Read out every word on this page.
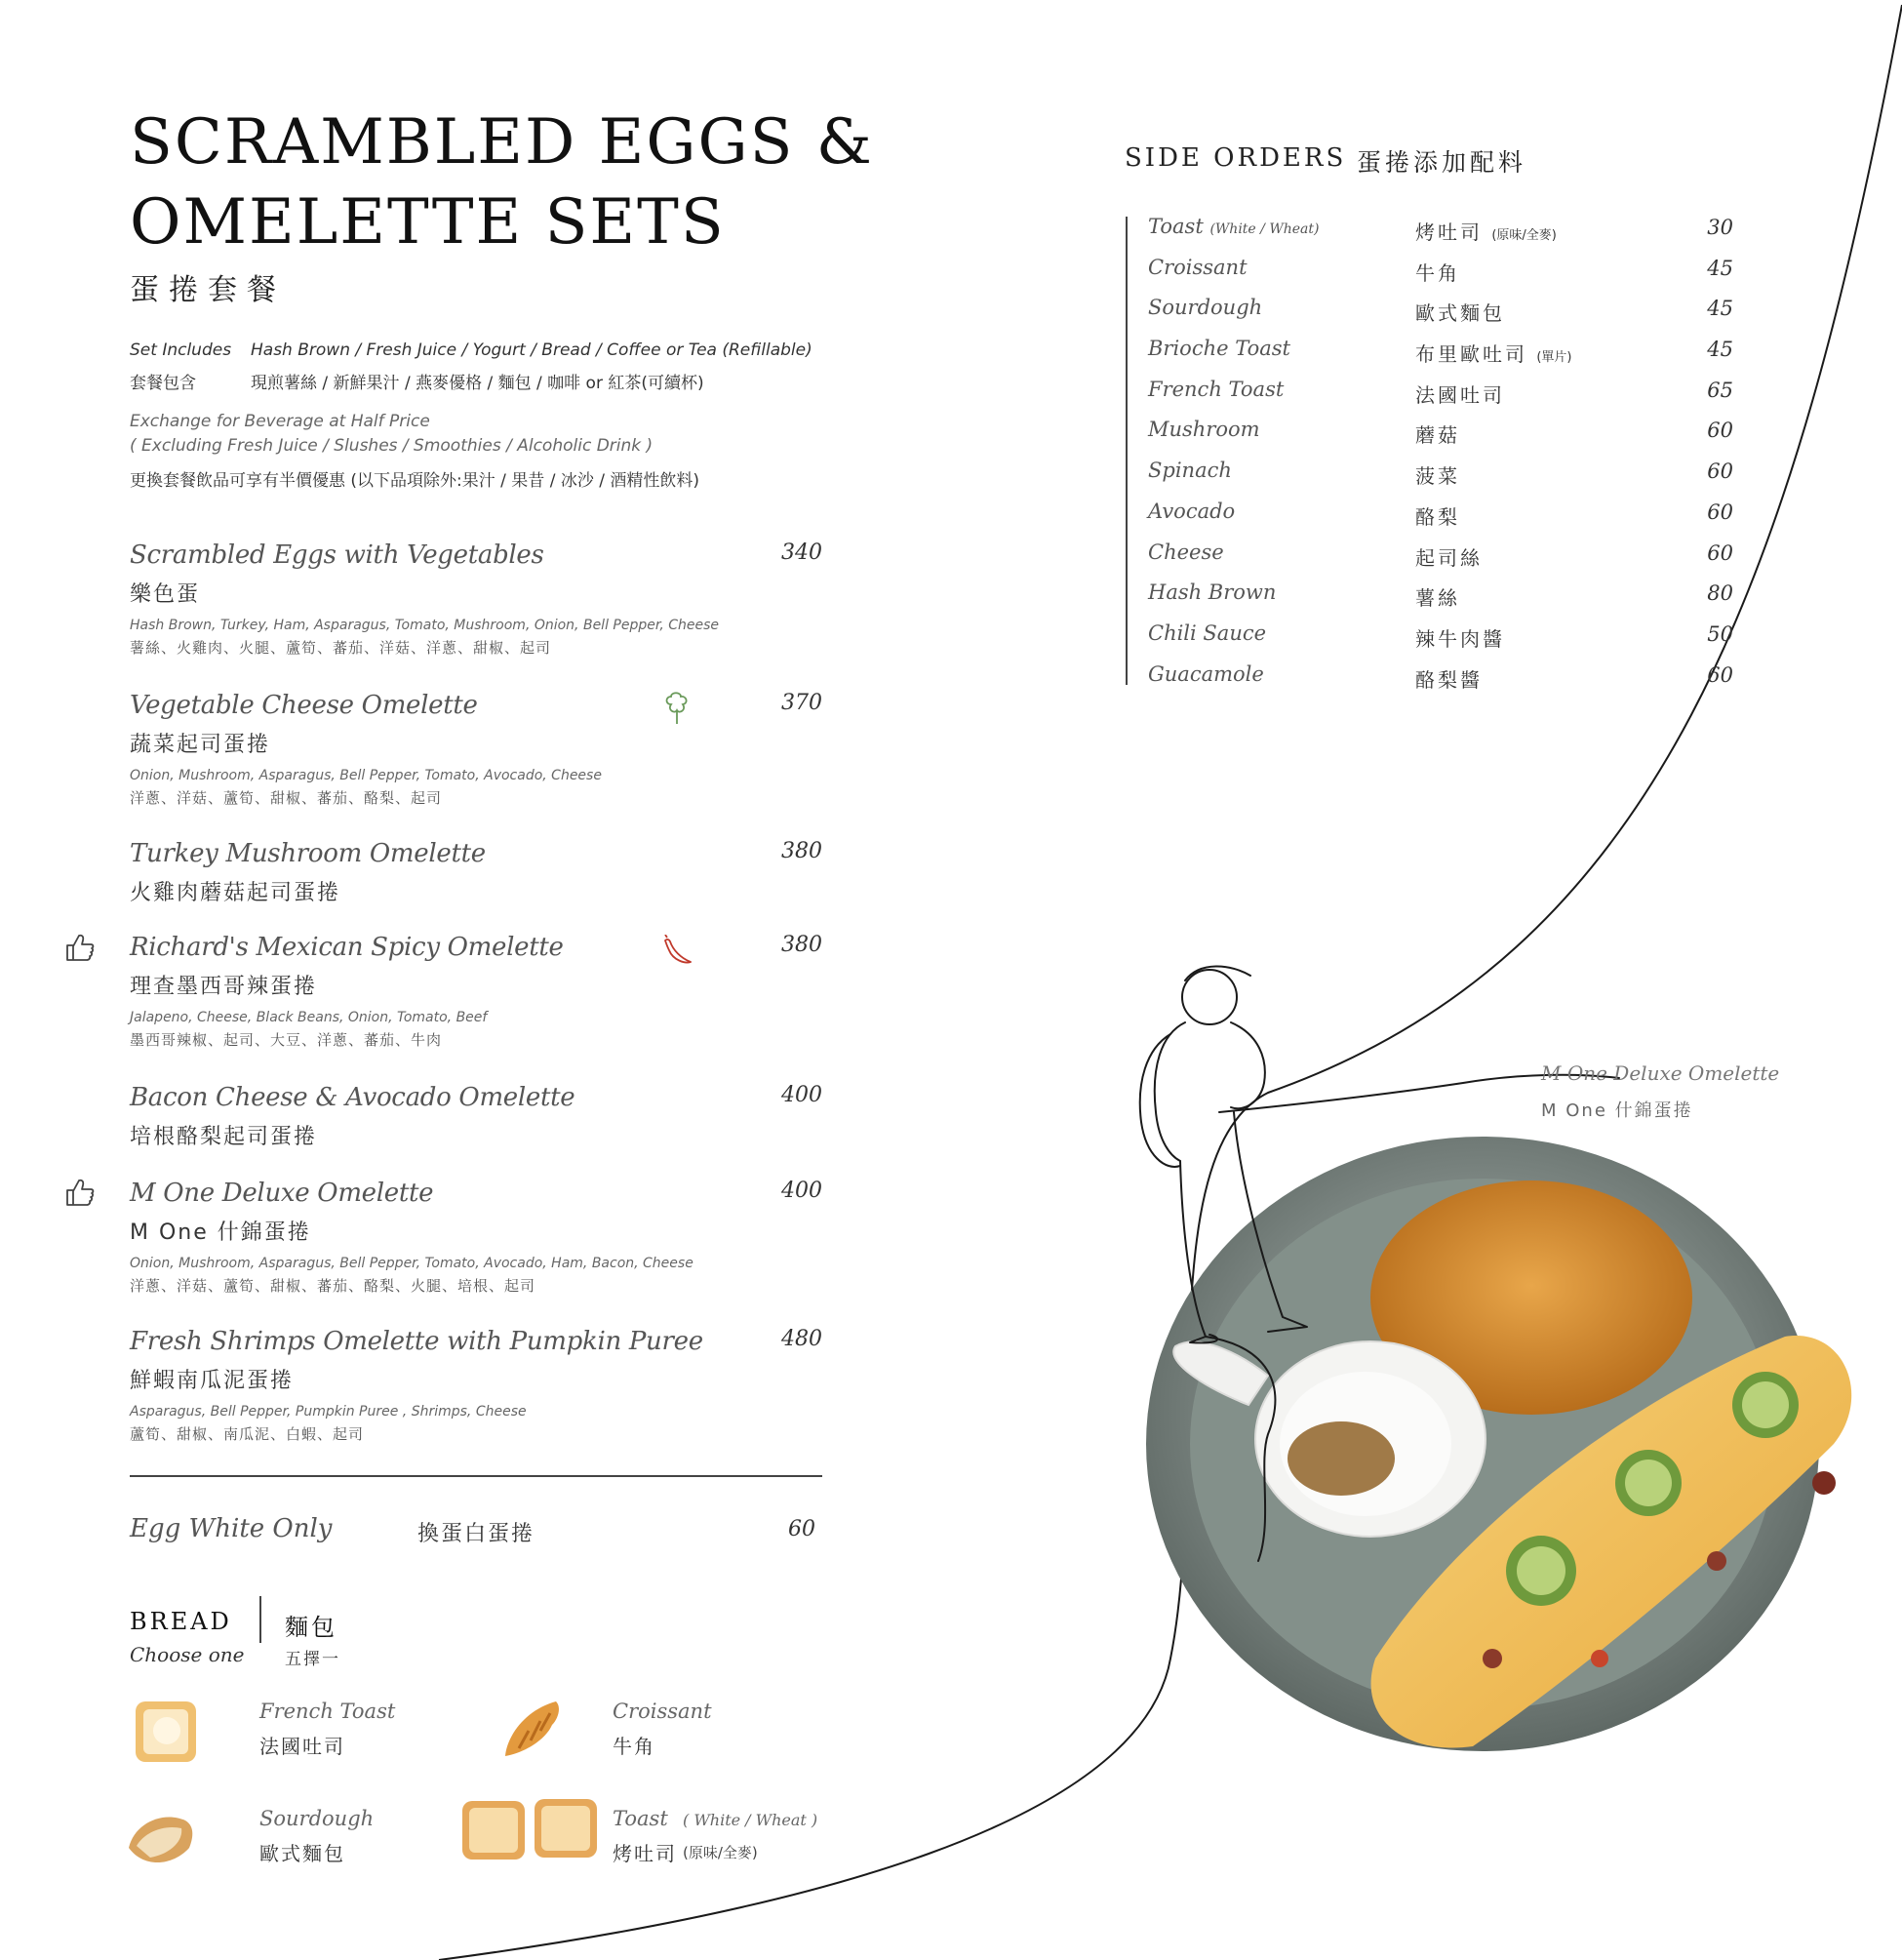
SCRAMBLED EGGS &
OMELETTE SETS
蛋捲套餐
Set Includes Hash Brown / Fresh Juice / Yogurt / Bread / Coffee or Tea (Refillable)
套餐包含	現煎薯絲 / 新鮮果汁 / 燕麥優格 / 麵包 / 咖啡 or 紅茶(可續杯)
Exchange for Beverage at Half Price
( Excluding Fresh Juice / Slushes / Smoothies / Alcoholic Drink )
更換套餐飲品可享有半價優惠 (以下品項除外:果汁 / 果昔 / 冰沙 / 酒精性飲料)
Scrambled Eggs with Vegetables	340
樂色蛋
Hash Brown, Turkey, Ham, Asparagus, Tomato, Mushroom, Onion, Bell Pepper, Cheese
薯絲、火雞肉、火腿、蘆筍、蕃茄、洋菇、洋蔥、甜椒、起司
Vegetable Cheese Omelette	370
蔬菜起司蛋捲
Onion, Mushroom, Asparagus, Bell Pepper, Tomato, Avocado, Cheese
洋蔥、洋菇、蘆筍、甜椒、蕃茄、酪梨、起司
Turkey Mushroom Omelette	380
火雞肉蘑菇起司蛋捲
Richard's Mexican Spicy Omelette	380
理查墨西哥辣蛋捲
Jalapeno, Cheese, Black Beans, Onion, Tomato, Beef
墨西哥辣椒、起司、大豆、洋蔥、蕃茄、牛肉
Bacon Cheese & Avocado Omelette	400
培根酪梨起司蛋捲
M One Deluxe Omelette	400
M One 什錦蛋捲
Onion, Mushroom, Asparagus, Bell Pepper, Tomato, Avocado, Ham, Bacon, Cheese
洋蔥、洋菇、蘆筍、甜椒、蕃茄、酪梨、火腿、培根、起司
Fresh Shrimps Omelette with Pumpkin Puree	480
鮮蝦南瓜泥蛋捲
Asparagus, Bell Pepper, Pumpkin Puree , Shrimps, Cheese
蘆筍、甜椒、南瓜泥、白蝦、起司
Egg White Only	換蛋白蛋捲	60
BREAD
Choose one
麵包
五擇一
French Toast
法國吐司
Croissant
牛角
Sourdough
歐式麵包
Toast ( White / Wheat )
烤吐司 (原味/全麥)
SIDE ORDERS 蛋捲添加配料
Toast (White / Wheat)	烤吐司 (原味/全麥)	30
Croissant	牛角	45
Sourdough	歐式麵包	45
Brioche Toast	布里歐吐司 (單片)	45
French Toast	法國吐司	65
Mushroom	蘑菇	60
Spinach	菠菜	60
Avocado	酪梨	60
Cheese	起司絲	60
Hash Brown	薯絲	80
Chili Sauce	辣牛肉醬	50
Guacamole	酪梨醬	60
M One Deluxe Omelette
M One 什錦蛋捲
